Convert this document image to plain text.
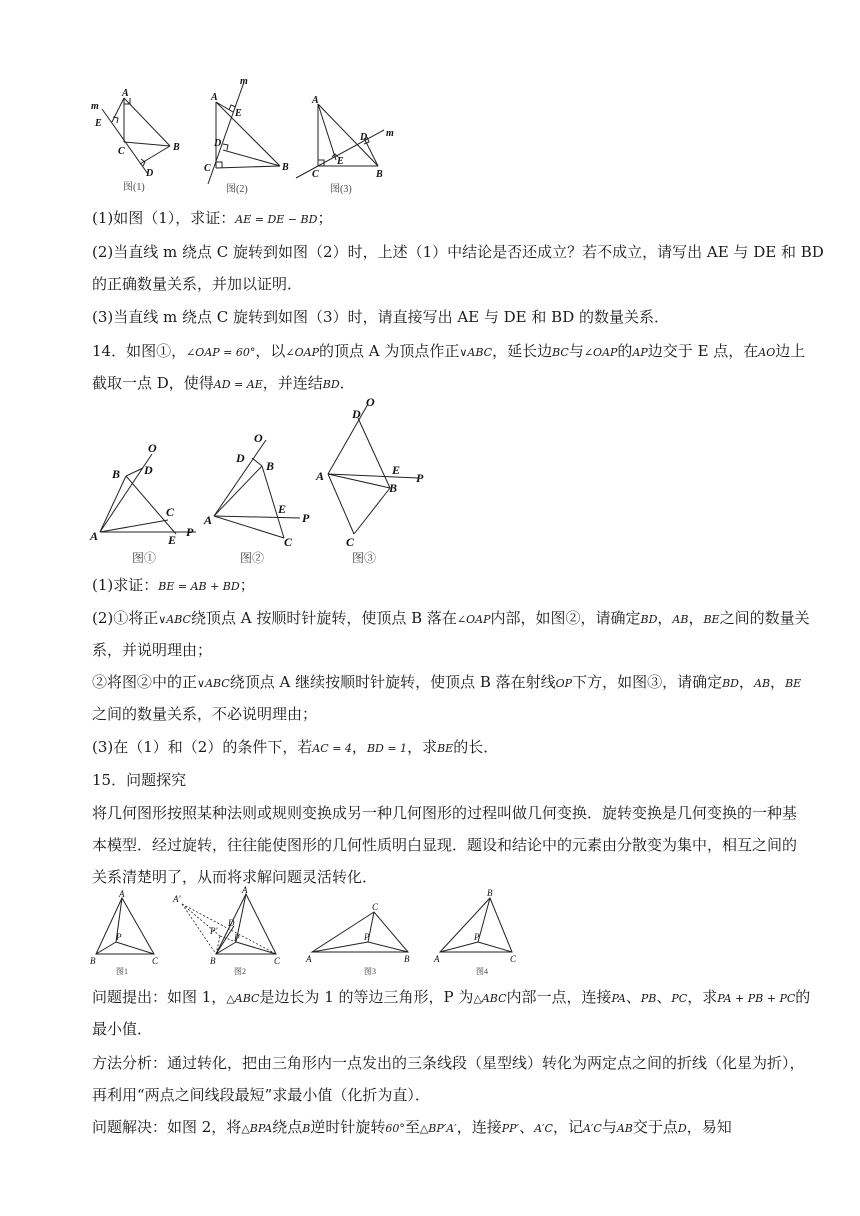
A
m
E
C	B
D
图(1)
m
A
E
D
C	B
图(2)
A
D m
E
C	B
图(3)
(1)如图（1），求证：AE = DE − BD；
(2)当直线 m 绕点 C 旋转到如图（2）时，上述（1）中结论是否还成立？若不成立，请写出 AE 与 DE 和 BD
的正确数量关系，并加以证明．
(3)当直线 m 绕点 C 旋转到如图（3）时，请直接写出 AE 与 DE 和 BD 的数量关系．
14．如图①，∠OAP = 60°，以∠OAP的顶点 A 为顶点作正∨ABC，延长边BC与∠OAP的AP边交于 E 点，在AO边上
截取一点 D，使得AD = AE，并连结BD．
O
B D
C
A	E
P
图①
O
D
B
E
P
A
C
图②
D
O
E
P
A
B
C
图③
(1)求证：BE = AB + BD；
(2)①将正∨ABC绕顶点 A 按顺时针旋转，使顶点 B 落在∠OAP内部，如图②，请确定BD，AB，BE之间的数量关
系，并说明理由；
②将图②中的正∨ABC绕顶点 A 继续按顺时针旋转，使顶点 B 落在射线OP下方，如图③，请确定BD，AB，BE
之间的数量关系，不必说明理由；
(3)在（1）和（2）的条件下，若AC = 4，BD = 1，求BE的长．
15．问题探究
将几何图形按照某种法则或规则变换成另一种几何图形的过程叫做几何变换．旋转变换是几何变换的一种基
本模型．经过旋转，往往能使图形的几何性质明白显现．题设和结论中的元素由分散变为集中，相互之间的
关系清楚明了，从而将求解问题灵活转化．
A
P
B	C
图1
A'
A
D
P'
P
B	C
图2
C
P
A	B
图3
B
P
A	C
图4
问题提出：如图 1，△ABC是边长为 1 的等边三角形，P 为△ABC内部一点，连接PA、PB、PC，求PA + PB + PC的
最小值．
方法分析：通过转化，把由三角形内一点发出的三条线段（星型线）转化为两定点之间的折线（化星为折），
再利用“两点之间线段最短”求最小值（化折为直）．
问题解决：如图 2，将△BPA绕点B逆时针旋转60°至△BP′A′，连接PP′、A′C，记A′C与AB交于点D，易知
